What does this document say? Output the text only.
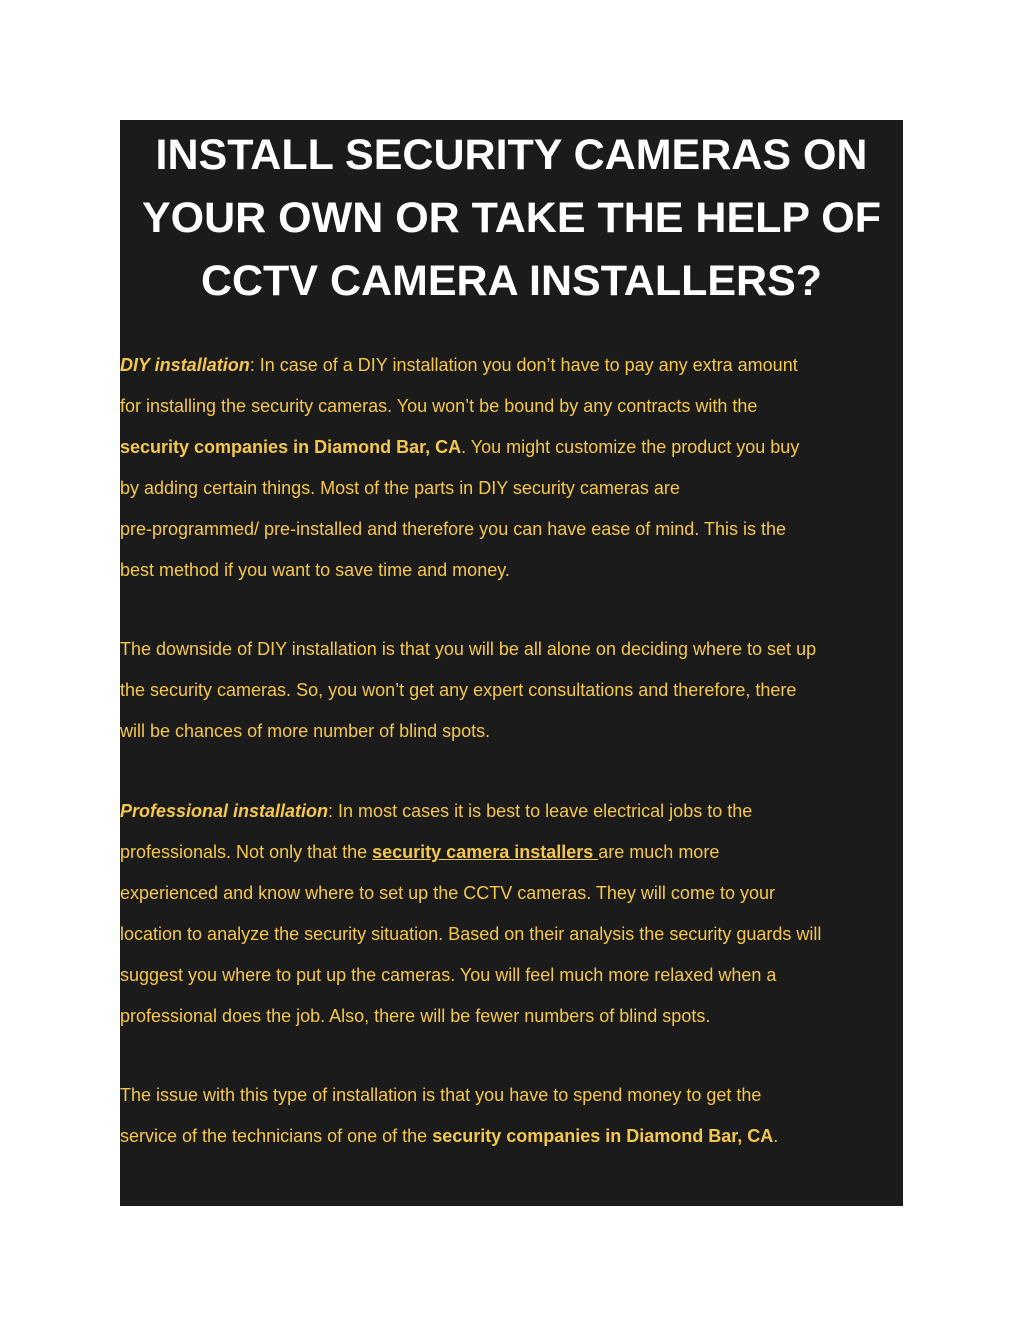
INSTALL SECURITY CAMERAS ON
YOUR OWN OR TAKE THE HELP OF
CCTV CAMERA INSTALLERS?
DIY installation: In case of a DIY installation you don’t have to pay any extra amount
for installing the security cameras. You won’t be bound by any contracts with the
security companies in Diamond Bar, CA. You might customize the product you buy
by adding certain things. Most of the parts in DIY security cameras are
pre-programmed/ pre-installed and therefore you can have ease of mind. This is the
best method if you want to save time and money.
The downside of DIY installation is that you will be all alone on deciding where to set up
the security cameras. So, you won’t get any expert consultations and therefore, there
will be chances of more number of blind spots.
Professional installation: In most cases it is best to leave electrical jobs to the
professionals. Not only that the security camera installers are much more
experienced and know where to set up the CCTV cameras. They will come to your
location to analyze the security situation. Based on their analysis the security guards will
suggest you where to put up the cameras. You will feel much more relaxed when a
professional does the job. Also, there will be fewer numbers of blind spots.
The issue with this type of installation is that you have to spend money to get the
service of the technicians of one of the security companies in Diamond Bar, CA.
